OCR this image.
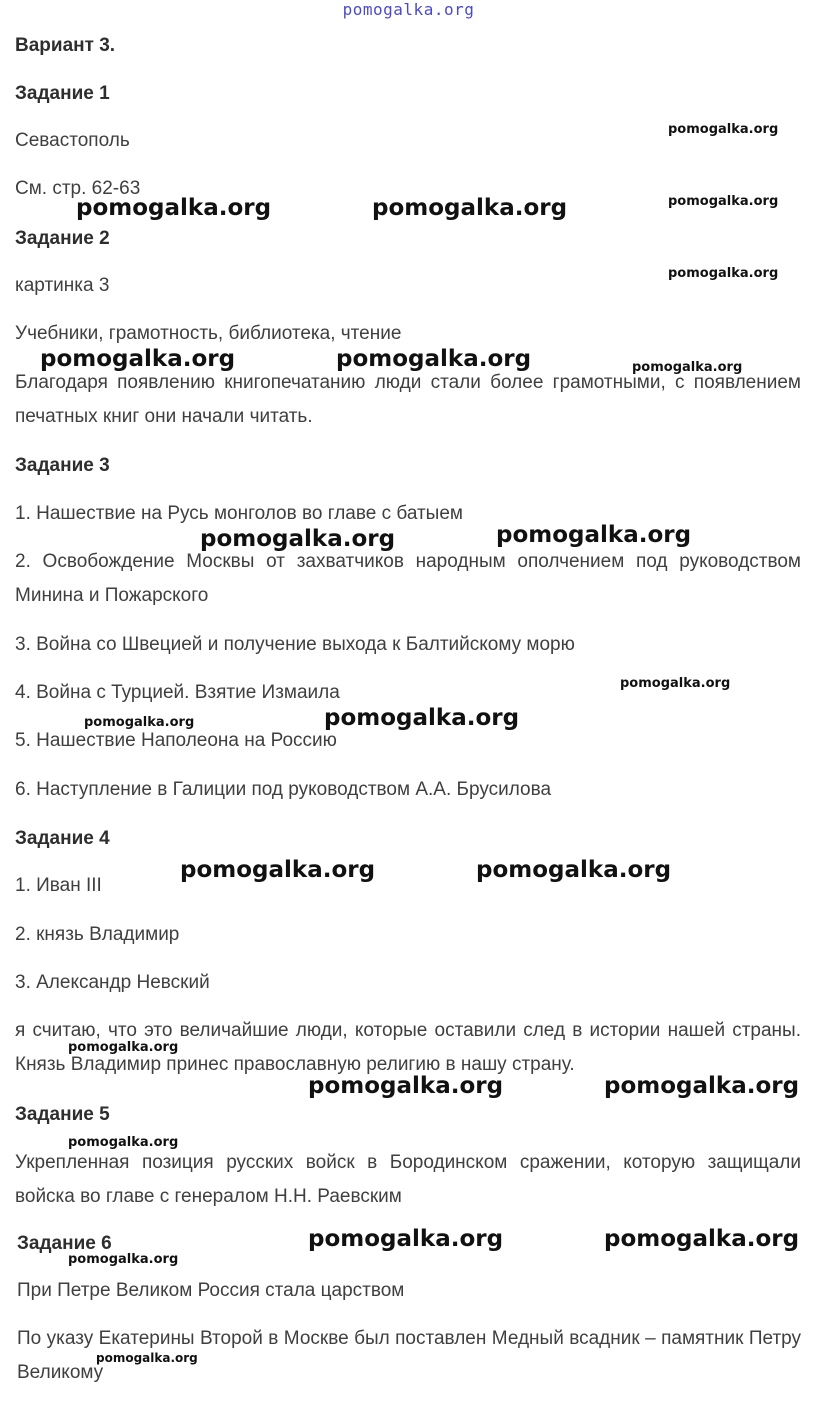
pomogalka.org
Вариант 3.
Задание 1
Севастополь
См. стр. 62-63
Задание 2
картинка 3
Учебники, грамотность, библиотека, чтение
Благодаря появлению книгопечатанию люди стали более грамотными, с появлением печатных книг они начали читать.
Задание 3
1. Нашествие на Русь монголов во главе с батыем
2. Освобождение Москвы от захватчиков народным ополчением под руководством Минина и Пожарского
3. Война со Швецией и получение выхода к Балтийскому морю
4. Война с Турцией. Взятие Измаила
5. Нашествие Наполеона на Россию
6. Наступление в Галиции под руководством А.А. Брусилова
Задание 4
1. Иван III
2. князь Владимир
3. Александр Невский
я считаю, что это величайшие люди, которые оставили след в истории нашей страны. Князь Владимир принес православную религию в нашу страну.
Задание 5
Укрепленная позиция русских войск в Бородинском сражении, которую защищали войска во главе с генералом Н.Н. Раевским
Задание 6
При Петре Великом Россия стала царством
По указу Екатерины Второй в Москве был поставлен Медный всадник – памятник Петру Великому
pomogalka.org
pomogalka.org	pomogalka.org	pomogalka.org
pomogalka.org
pomogalka.org	pomogalka.org	pomogalka.org
pomogalka.org	pomogalka.org
pomogalka.org
pomogalka.org	pomogalka.org
pomogalka.org	pomogalka.org
pomogalka.org
pomogalka.org	pomogalka.org
pomogalka.org
pomogalka.org	pomogalka.org
pomogalka.org
pomogalka.org
